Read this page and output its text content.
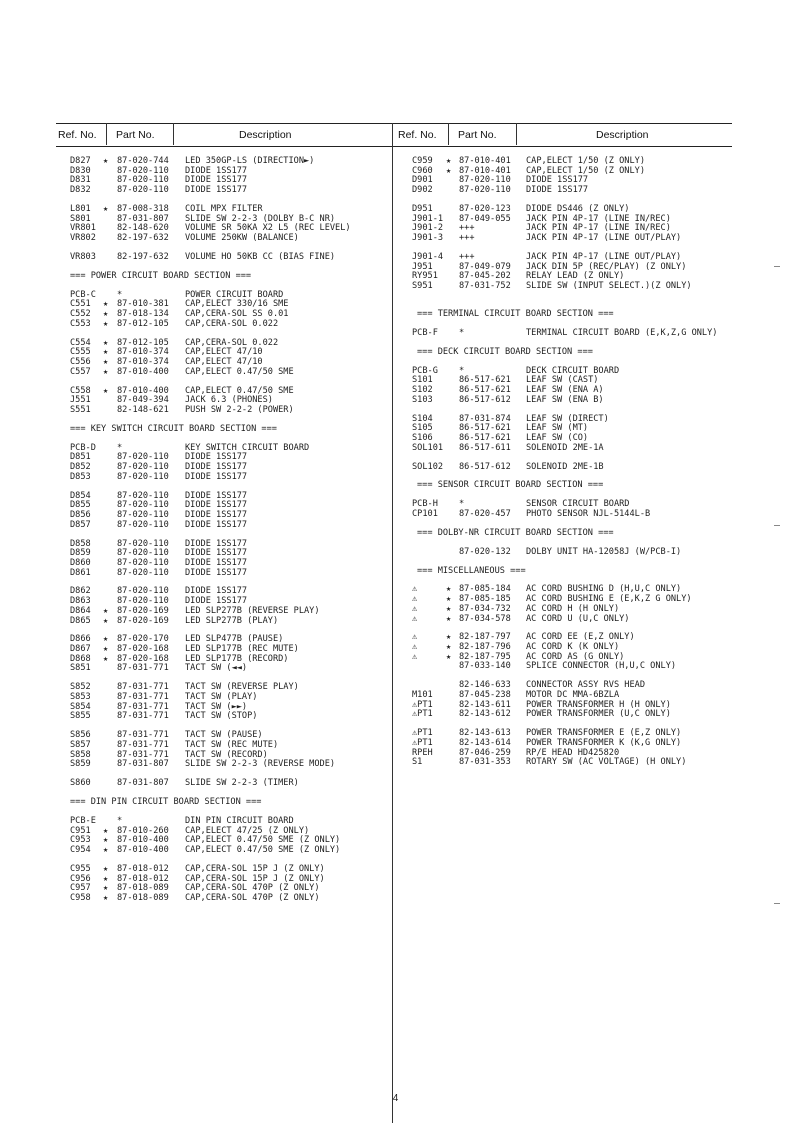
Ref. No. Part No.	Description	Ref. No. Part No.	Description
D827 ★ 87-020-744 LED 350GP-LS (DIRECTION►)
D830	87-020-110 DIODE 1SS177
D831	87-020-110 DIODE 1SS177
D832	87-020-110 DIODE 1SS177
L801 ★ 87-008-318 COIL MPX FILTER
S801	87-031-807 SLIDE SW 2-2-3 (DOLBY B-C NR)
VR801 82-148-620 VOLUME SR 50KA X2 L5 (REC LEVEL)
VR802 82-197-632 VOLUME 250KW (BALANCE)
VR803 82-197-632 VOLUME HO 50KB CC (BIAS FINE)
=== POWER CIRCUIT BOARD SECTION ===
PCB-C *	POWER CIRCUIT BOARD
C551 ★ 87-010-381 CAP,ELECT 330/16 SME
C552 ★ 87-018-134 CAP,CERA-SOL SS 0.01
C553 ★ 87-012-105 CAP,CERA-SOL 0.022
C554 ★ 87-012-105 CAP,CERA-SOL 0.022
C555 ★ 87-010-374 CAP,ELECT 47/10
C556 ★ 87-010-374 CAP,ELECT 47/10
C557 ★ 87-010-400 CAP,ELECT 0.47/50 SME
C558 ★ 87-010-400 CAP,ELECT 0.47/50 SME
J551	87-049-394 JACK 6.3 (PHONES)
S551	82-148-621 PUSH SW 2-2-2 (POWER)
=== KEY SWITCH CIRCUIT BOARD SECTION ===
PCB-D *	KEY SWITCH CIRCUIT BOARD
D851	87-020-110 DIODE 1SS177
D852	87-020-110 DIODE 1SS177
D853	87-020-110 DIODE 1SS177
D854	87-020-110 DIODE 1SS177
D855	87-020-110 DIODE 1SS177
D856	87-020-110 DIODE 1SS177
D857	87-020-110 DIODE 1SS177
D858	87-020-110 DIODE 1SS177
D859	87-020-110 DIODE 1SS177
D860	87-020-110 DIODE 1SS177
D861	87-020-110 DIODE 1SS177
D862	87-020-110 DIODE 1SS177
D863	87-020-110 DIODE 1SS177
D864 ★ 87-020-169 LED SLP277B (REVERSE PLAY)
D865 ★ 87-020-169 LED SLP277B (PLAY)
D866 ★ 87-020-170 LED SLP477B (PAUSE)
D867 ★ 87-020-168 LED SLP177B (REC MUTE)
D868 ★ 87-020-168 LED SLP177B (RECORD)
S851	87-031-771 TACT SW (◄◄)
S852	87-031-771 TACT SW (REVERSE PLAY)
S853	87-031-771 TACT SW (PLAY)
S854	87-031-771 TACT SW (►►)
S855	87-031-771 TACT SW (STOP)
S856	87-031-771 TACT SW (PAUSE)
S857	87-031-771 TACT SW (REC MUTE)
S858	87-031-771 TACT SW (RECORD)
S859	87-031-807 SLIDE SW 2-2-3 (REVERSE MODE)
S860	87-031-807 SLIDE SW 2-2-3 (TIMER)
=== DIN PIN CIRCUIT BOARD SECTION ===
PCB-E *	DIN PIN CIRCUIT BOARD
C951 ★ 87-010-260 CAP,ELECT 47/25 (Z ONLY)
C953 ★ 87-010-400 CAP,ELECT 0.47/50 SME (Z ONLY)
C954 ★ 87-010-400 CAP,ELECT 0.47/50 SME (Z ONLY)
C955 ★ 87-018-012 CAP,CERA-SOL 15P J (Z ONLY)
C956 ★ 87-018-012 CAP,CERA-SOL 15P J (Z ONLY)
C957 ★ 87-018-089 CAP,CERA-SOL 470P (Z ONLY)
C958 ★ 87-018-089 CAP,CERA-SOL 470P (Z ONLY)
C959 ★ 87-010-401 CAP,ELECT 1/50 (Z ONLY)
C960 ★ 87-010-401 CAP,ELECT 1/50 (Z ONLY)
D901	87-020-110 DIODE 1SS177
D902	87-020-110 DIODE 1SS177
D951	87-020-123 DIODE DS446 (Z ONLY)
J901-1 87-049-055 JACK PIN 4P-17 (LINE IN/REC)
J901-2 +++	JACK PIN 4P-17 (LINE IN/REC)
J901-3 +++	JACK PIN 4P-17 (LINE OUT/PLAY)
J901-4 +++	JACK PIN 4P-17 (LINE OUT/PLAY)
J951	87-049-079 JACK DIN 5P (REC/PLAY) (Z ONLY)
RY951 87-045-202 RELAY LEAD (Z ONLY)
S951	87-031-752 SLIDE SW (INPUT SELECT.)(Z ONLY)
=== TERMINAL CIRCUIT BOARD SECTION ===
PCB-F *	TERMINAL CIRCUIT BOARD (E,K,Z,G ONLY)
=== DECK CIRCUIT BOARD SECTION ===
PCB-G *	DECK CIRCUIT BOARD
S101	86-517-621 LEAF SW (CAST)
S102	86-517-621 LEAF SW (ENA A)
S103	86-517-612 LEAF SW (ENA B)
S104	87-031-874 LEAF SW (DIRECT)
S105	86-517-621 LEAF SW (MT)
S106	86-517-621 LEAF SW (CO)
SOL101 86-517-611 SOLENOID 2ME-1A
SOL102 86-517-612 SOLENOID 2ME-1B
=== SENSOR CIRCUIT BOARD SECTION ===
PCB-H *	SENSOR CIRCUIT BOARD
CP101 87-020-457 PHOTO SENSOR NJL-5144L-B
=== DOLBY-NR CIRCUIT BOARD SECTION ===
87-020-132 DOLBY UNIT HA-12058J (W/PCB-I)
=== MISCELLANEOUS ===
⚠	★ 87-085-184 AC CORD BUSHING D (H,U,C ONLY)
⚠	★ 87-085-185 AC CORD BUSHING E (E,K,Z G ONLY)
⚠	★ 87-034-732 AC CORD H (H ONLY)
⚠	★ 87-034-578 AC CORD U (U,C ONLY)
⚠	★ 82-187-797 AC CORD EE (E,Z ONLY)
⚠	★ 82-187-796 AC CORD K (K ONLY)
⚠	★ 82-187-795 AC CORD AS (G ONLY)
87-033-140 SPLICE CONNECTOR (H,U,C ONLY)
82-146-633 CONNECTOR ASSY RVS HEAD
M101	87-045-238 MOTOR DC MMA-6BZLA
⚠PT1	82-143-611 POWER TRANSFORMER H (H ONLY)
⚠PT1	82-143-612 POWER TRANSFORMER (U,C ONLY)
⚠PT1	82-143-613 POWER TRANSFORMER E (E,Z ONLY)
⚠PT1	82-143-614 POWER TRANSFORMER K (K,G ONLY)
RPEH	87-046-259 RP/E HEAD HD425820
S1	87-031-353 ROTARY SW (AC VOLTAGE) (H ONLY)
4
